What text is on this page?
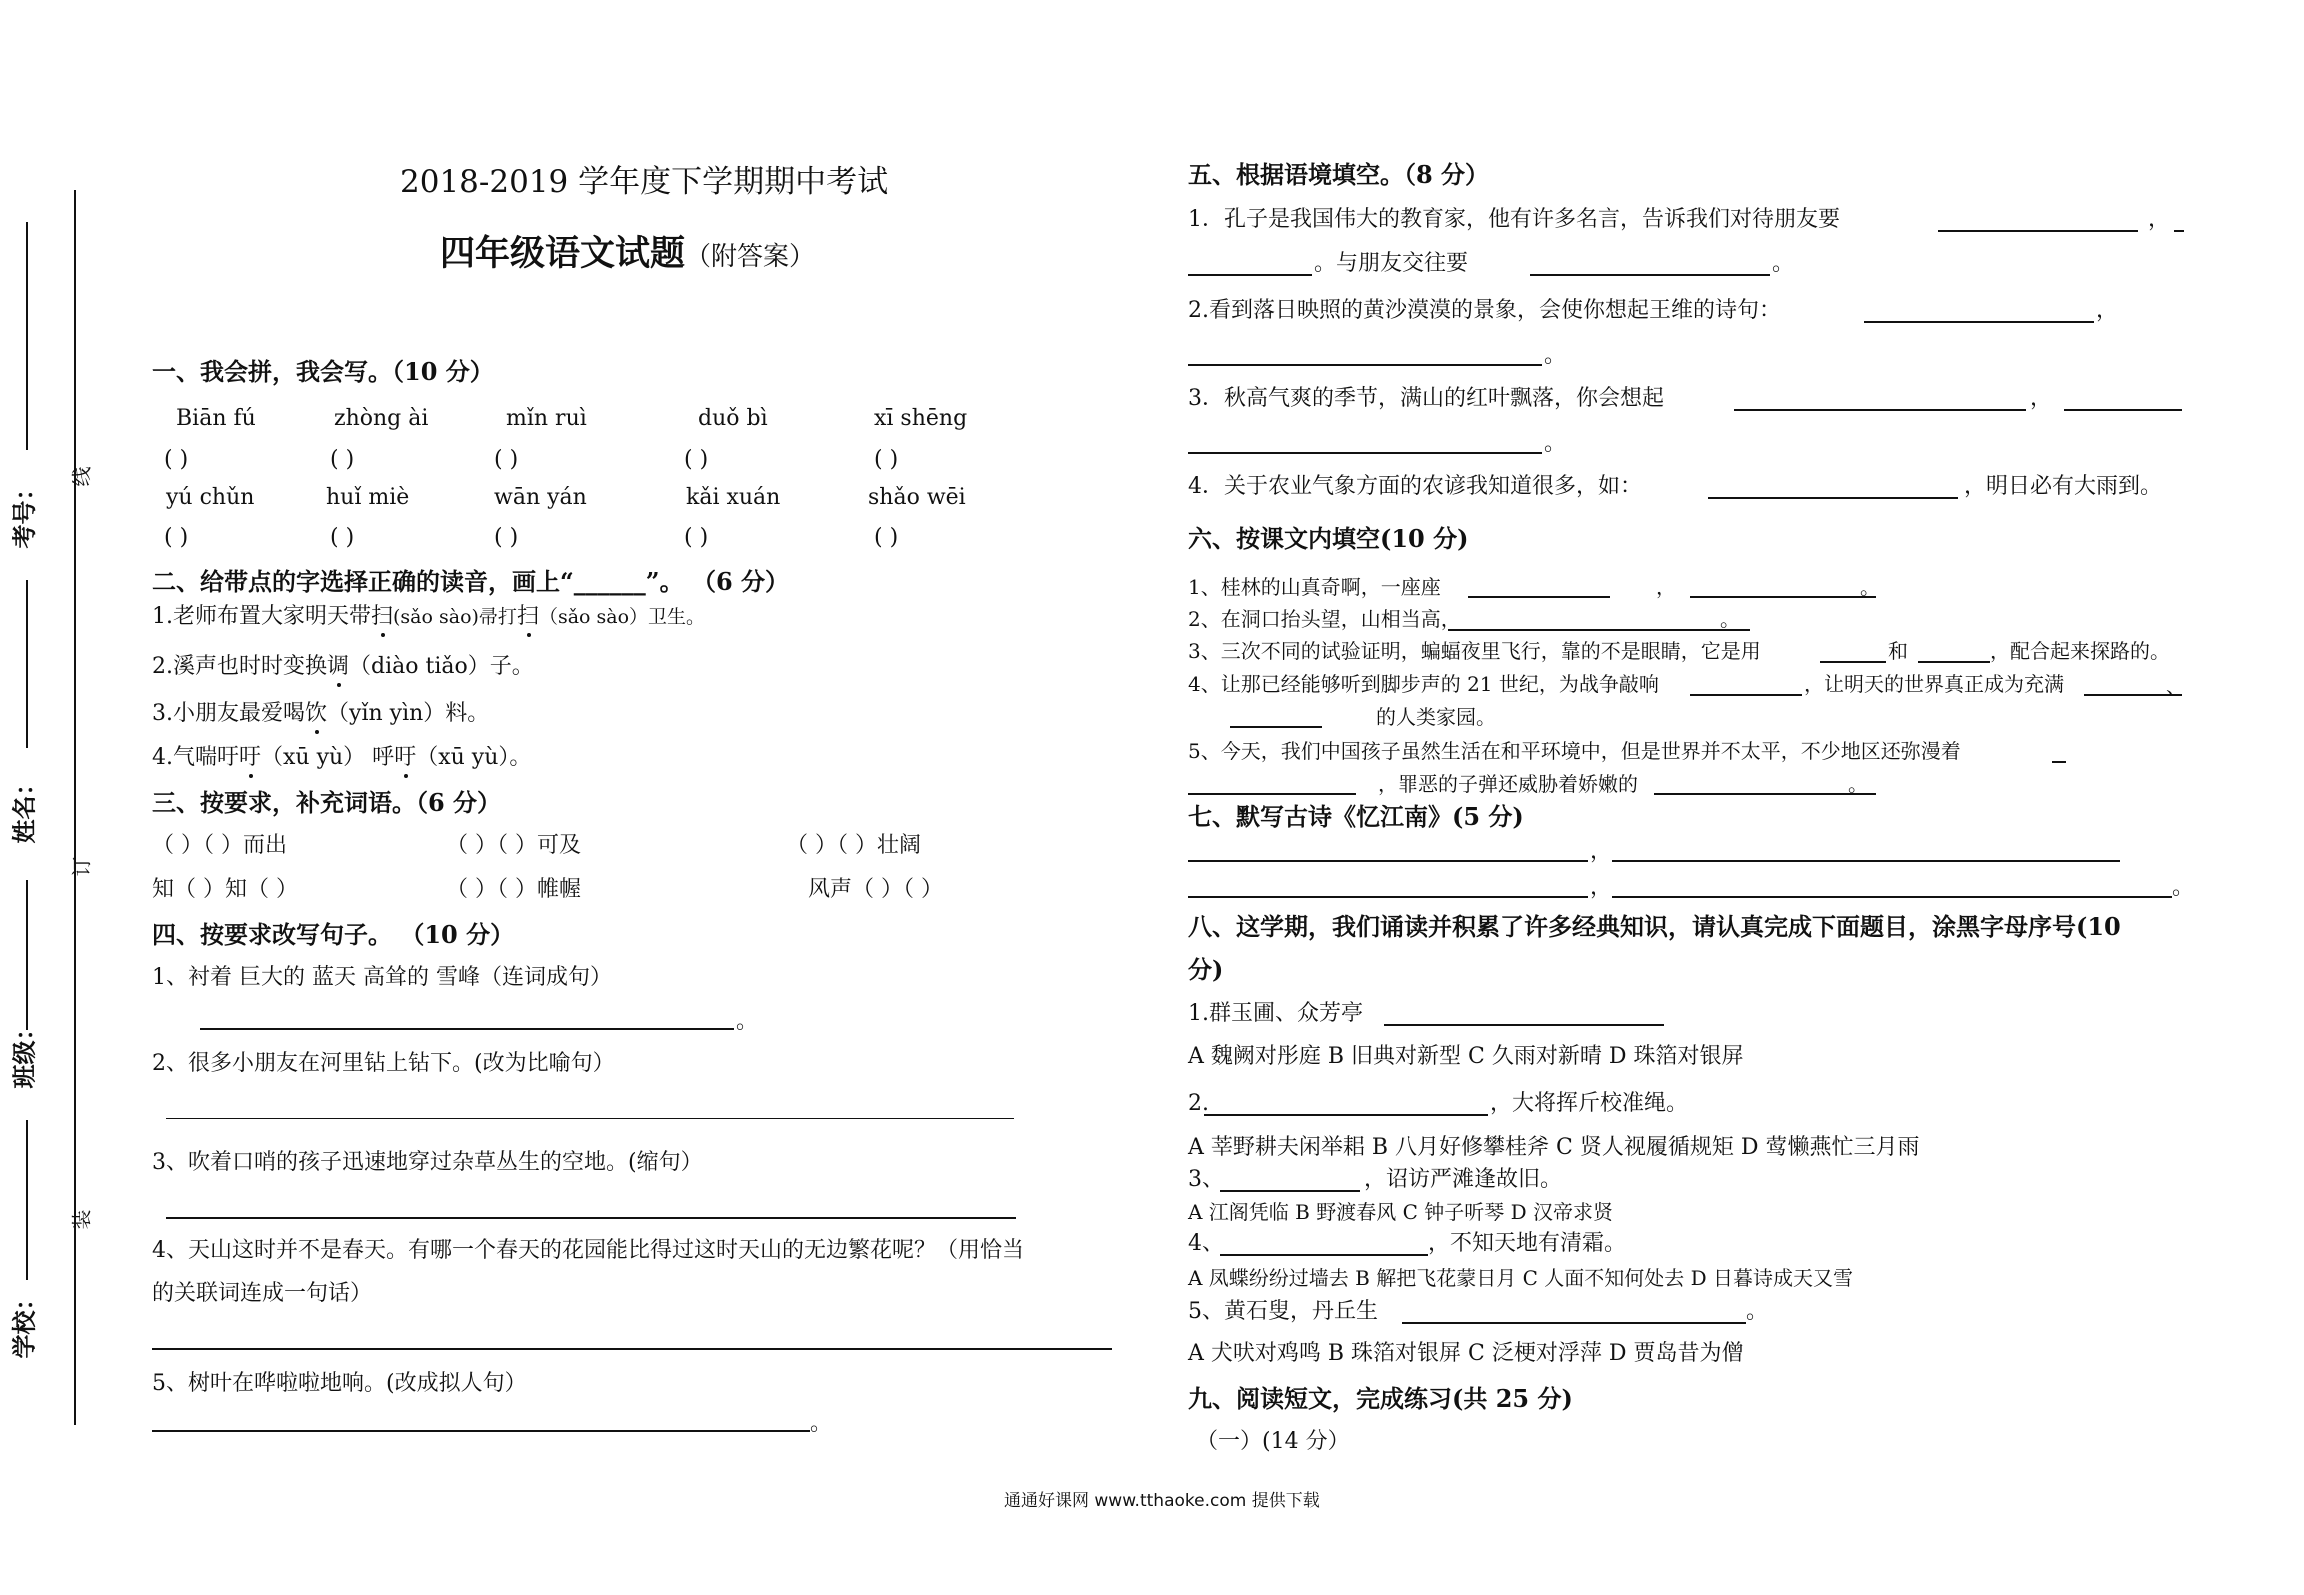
考号：
姓名：
班级：
学校：
线
订
装
2018-2019 学年度下学期期中考试
四年级语文试题（附答案）
一、我会拼，我会写。（10 分）
Biān fú	zhòng ài	mǐn ruì	duǒ bì	xī shēng
( )	( )	( )	( )	( )
yú chǔn	huǐ miè	wān yán	kǎi xuán	shǎo wēi
( )	( )	( )	( )	( )
二、给带点的字选择正确的读音，画上“______”。 （6 分）
1.老师布置大家明天带扫(sǎo sào)帚打扫（sǎo sào）卫生。
2.溪声也时时变换调（diào tiǎo）子。
3.小朋友最爱喝饮（yǐn yìn）料。
4.气喘吁吁（xū yù） 呼吁（xū yù）。
三、按要求，补充词语。（6 分）
（ ）（ ）而出	（ ）（ ）可及	（ ）（ ）壮阔
知（ ）知（ ）	（ ）（ ）帷幄	风声（ ）（ ）
四、按要求改写句子。 （10 分）
1、衬着 巨大的 蓝天 高耸的 雪峰（连词成句）
。
2、很多小朋友在河里钻上钻下。(改为比喻句）
3、吹着口哨的孩子迅速地穿过杂草丛生的空地。(缩句）
4、天山这时并不是春天。有哪一个春天的花园能比得过这时天山的无边繁花呢？（用恰当
的关联词连成一句话）
5、树叶在哗啦啦地响。(改成拟人句）
。
五、根据语境填空。（8 分）
1．孔子是我国伟大的教育家，他有许多名言，告诉我们对待朋友要	，
。与朋友交往要	。
2.看到落日映照的黄沙漠漠的景象，会使你想起王维的诗句：	，
。
3．秋高气爽的季节，满山的红叶飘落，你会想起	，
。
4．关于农业气象方面的农谚我知道很多，如：	，明日必有大雨到。
六、按课文内填空(10 分)
1、桂林的山真奇啊，一座座	，	。
2、在洞口抬头望，山相当高，	。
3、三次不同的试验证明，蝙蝠夜里飞行，靠的不是眼睛，它是用	和	，配合起来探路的。
4、让那已经能够听到脚步声的 21 世纪，为战争敲响	，让明天的世界真正成为充满	、
的人类家园。
5、今天，我们中国孩子虽然生活在和平环境中，但是世界并不太平，不少地区还弥漫着
，罪恶的子弹还威胁着娇嫩的	。
七、默写古诗《忆江南》(5 分)
，
，	。
八、这学期，我们诵读并积累了许多经典知识，请认真完成下面题目，涂黑字母序号(10
分)
1.群玉圃、众芳亭
A 魏阙对彤庭 B 旧典对新型 C 久雨对新晴 D 珠箔对银屏
2.	，大将挥斤校准绳。
A 莘野耕夫闲举耜 B 八月好修攀桂斧 C 贤人视履循规矩 D 莺懒燕忙三月雨
3、	，诏访严滩逢故旧。
A 江阁凭临 B 野渡春风 C 钟子听琴 D 汉帝求贤
4、	，不知天地有清霜。
A 凤蝶纷纷过墙去 B 解把飞花蒙日月 C 人面不知何处去 D 日暮诗成天又雪
5、黄石叟，丹丘生	。
A 犬吠对鸡鸣 B 珠箔对银屏 C 泛梗对浮萍 D 贾岛昔为僧
九、阅读短文，完成练习(共 25 分)
（一）(14 分）
通通好课网 www.tthaoke.com 提供下载
